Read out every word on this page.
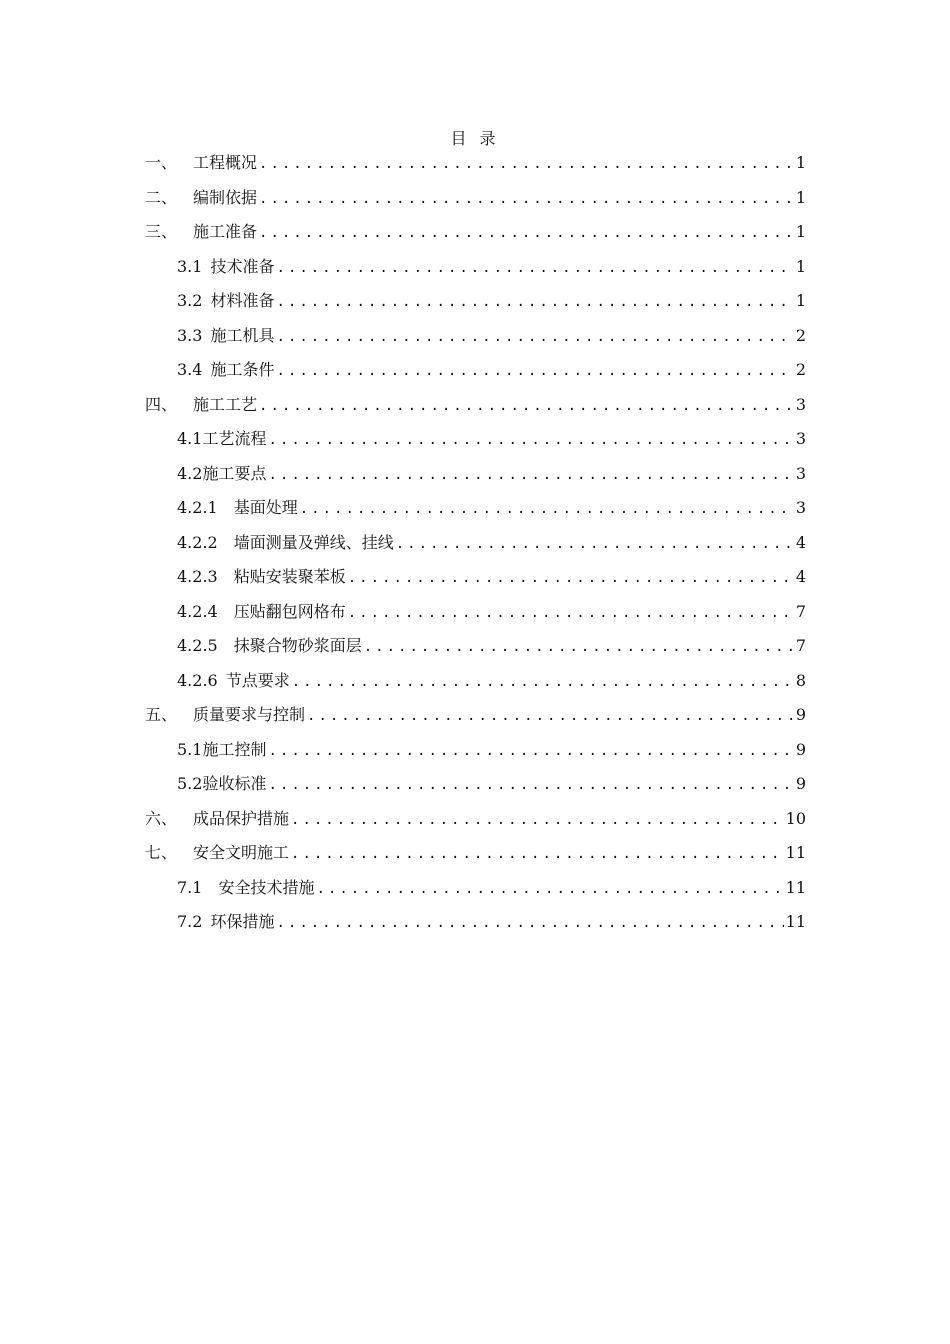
目 录
一、 工程概况 .....	1
二、 编制依据 .....	1
三、 施工准备 .....	1
3.1 技术准备 .....	1
3.2 材料准备 .....	1
3.3 施工机具 .....	2
3.4 施工条件 .....	2
四、 施工工艺 .....	3
4.1 工艺流程 .....	3
4.2 施工要点 .....	3
4.2.1 基面处理 .....	3
4.2.2 墙面测量及弹线、挂线 .....	4
4.2.3 粘贴安装聚苯板 .....	4
4.2.4 压贴翻包网格布 .....	7
4.2.5 抹聚合物砂浆面层 .....	7
4.2.6 节点要求 .....	8
五、 质量要求与控制 .....	9
5.1 施工控制 .....	9
5.2 验收标准 .....	9
六、 成品保护措施 .....	10
七、 安全文明施工 .....	11
7.1 安全技术措施 .....	11
7.2 环保措施 .....	11
